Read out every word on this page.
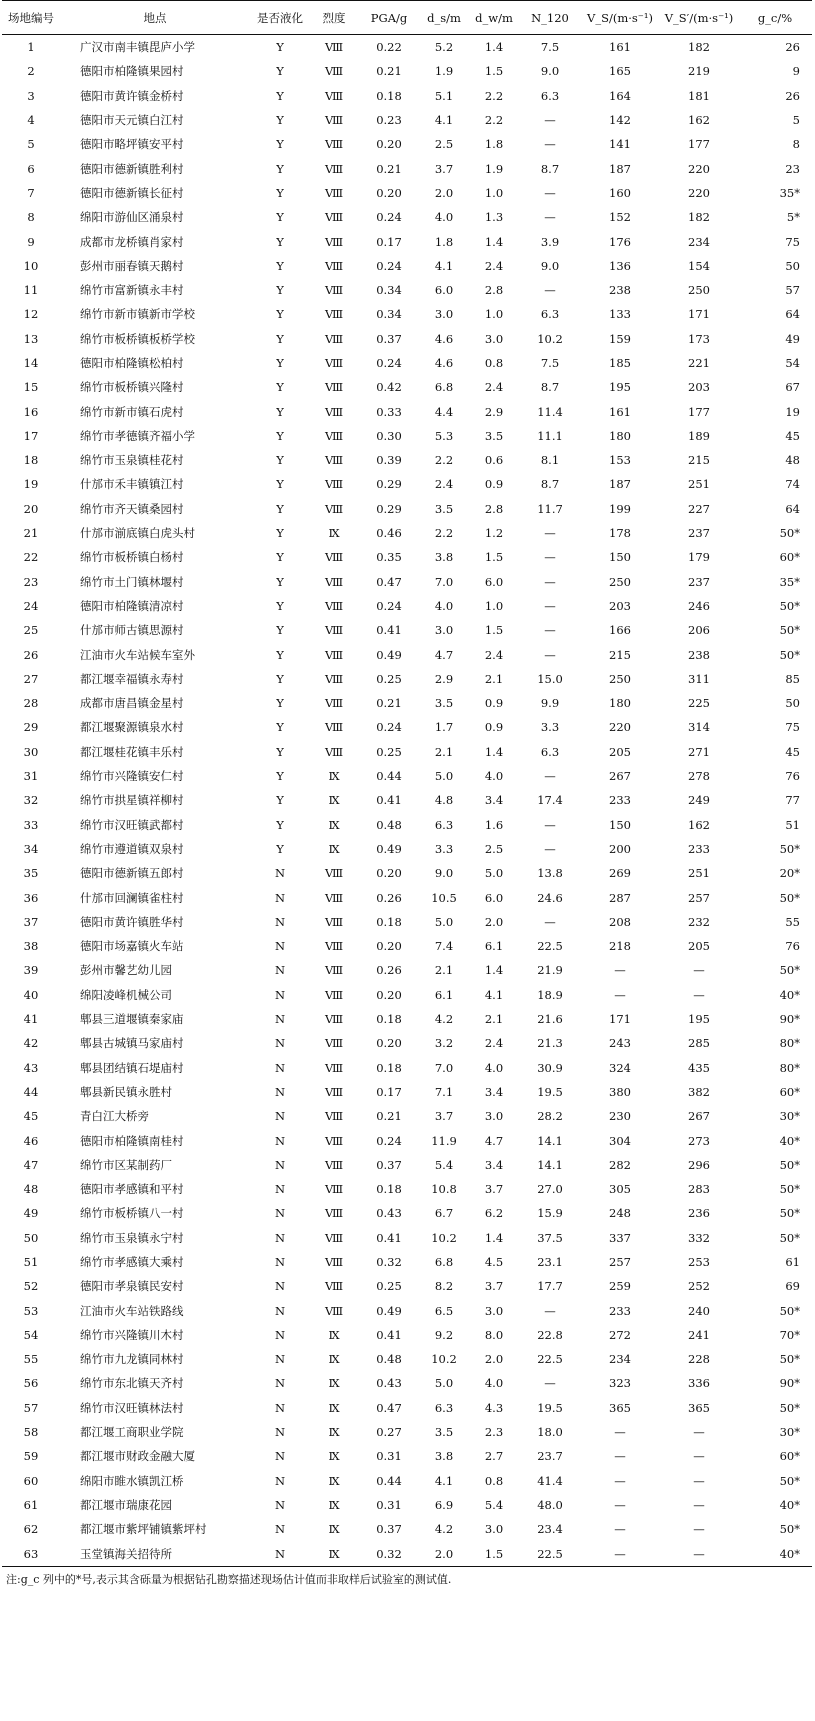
场地编号	地点	是否液化	烈度	PGA/g	d_s/m	d_w/m	N_120	V_S/(m·s⁻¹)	V_S′/(m·s⁻¹)	g_c/%
1	广汉市南丰镇毘庐小学	Y	Ⅷ	0.22	5.2	1.4	7.5	161	182	26
2	德阳市柏隆镇果园村	Y	Ⅷ	0.21	1.9	1.5	9.0	165	219	9
3	德阳市黄许镇金桥村	Y	Ⅷ	0.18	5.1	2.2	6.3	164	181	26
4	德阳市天元镇白江村	Y	Ⅷ	0.23	4.1	2.2	—	142	162	5
5	德阳市略坪镇安平村	Y	Ⅷ	0.20	2.5	1.8	—	141	177	8
6	德阳市德新镇胜利村	Y	Ⅷ	0.21	3.7	1.9	8.7	187	220	23
7	德阳市德新镇长征村	Y	Ⅷ	0.20	2.0	1.0	—	160	220	35*
8	绵阳市游仙区涌泉村	Y	Ⅷ	0.24	4.0	1.3	—	152	182	5*
9	成都市龙桥镇肖家村	Y	Ⅷ	0.17	1.8	1.4	3.9	176	234	75
10	彭州市丽春镇天鹅村	Y	Ⅷ	0.24	4.1	2.4	9.0	136	154	50
11	绵竹市富新镇永丰村	Y	Ⅷ	0.34	6.0	2.8	—	238	250	57
12	绵竹市新市镇新市学校	Y	Ⅷ	0.34	3.0	1.0	6.3	133	171	64
13	绵竹市板桥镇板桥学校	Y	Ⅷ	0.37	4.6	3.0	10.2	159	173	49
14	德阳市柏隆镇松柏村	Y	Ⅷ	0.24	4.6	0.8	7.5	185	221	54
15	绵竹市板桥镇兴隆村	Y	Ⅷ	0.42	6.8	2.4	8.7	195	203	67
16	绵竹市新市镇石虎村	Y	Ⅷ	0.33	4.4	2.9	11.4	161	177	19
17	绵竹市孝德镇齐福小学	Y	Ⅷ	0.30	5.3	3.5	11.1	180	189	45
18	绵竹市玉泉镇桂花村	Y	Ⅷ	0.39	2.2	0.6	8.1	153	215	48
19	什邡市禾丰镇镇江村	Y	Ⅷ	0.29	2.4	0.9	8.7	187	251	74
20	绵竹市齐天镇桑园村	Y	Ⅷ	0.29	3.5	2.8	11.7	199	227	64
21	什邡市湔底镇白虎头村	Y	Ⅸ	0.46	2.2	1.2	—	178	237	50*
22	绵竹市板桥镇白杨村	Y	Ⅷ	0.35	3.8	1.5	—	150	179	60*
23	绵竹市土门镇林堰村	Y	Ⅷ	0.47	7.0	6.0	—	250	237	35*
24	德阳市柏隆镇清凉村	Y	Ⅷ	0.24	4.0	1.0	—	203	246	50*
25	什邡市师古镇思源村	Y	Ⅷ	0.41	3.0	1.5	—	166	206	50*
26	江油市火车站候车室外	Y	Ⅷ	0.49	4.7	2.4	—	215	238	50*
27	都江堰幸福镇永寿村	Y	Ⅷ	0.25	2.9	2.1	15.0	250	311	85
28	成都市唐昌镇金星村	Y	Ⅷ	0.21	3.5	0.9	9.9	180	225	50
29	都江堰聚源镇泉水村	Y	Ⅷ	0.24	1.7	0.9	3.3	220	314	75
30	都江堰桂花镇丰乐村	Y	Ⅷ	0.25	2.1	1.4	6.3	205	271	45
31	绵竹市兴隆镇安仁村	Y	Ⅸ	0.44	5.0	4.0	—	267	278	76
32	绵竹市拱星镇祥柳村	Y	Ⅸ	0.41	4.8	3.4	17.4	233	249	77
33	绵竹市汉旺镇武都村	Y	Ⅸ	0.48	6.3	1.6	—	150	162	51
34	绵竹市遵道镇双泉村	Y	Ⅸ	0.49	3.3	2.5	—	200	233	50*
35	德阳市德新镇五郎村	N	Ⅷ	0.20	9.0	5.0	13.8	269	251	20*
36	什邡市回澜镇雀柱村	N	Ⅷ	0.26	10.5	6.0	24.6	287	257	50*
37	德阳市黄许镇胜华村	N	Ⅷ	0.18	5.0	2.0	—	208	232	55
38	德阳市场嘉镇火车站	N	Ⅷ	0.20	7.4	6.1	22.5	218	205	76
39	彭州市馨艺幼儿园	N	Ⅷ	0.26	2.1	1.4	21.9	—	—	50*
40	绵阳凌峰机械公司	N	Ⅷ	0.20	6.1	4.1	18.9	—	—	40*
41	郫县三道堰镇秦家庙	N	Ⅷ	0.18	4.2	2.1	21.6	171	195	90*
42	郫县古城镇马家庙村	N	Ⅷ	0.20	3.2	2.4	21.3	243	285	80*
43	郫县团结镇石堤庙村	N	Ⅷ	0.18	7.0	4.0	30.9	324	435	80*
44	郫县新民镇永胜村	N	Ⅷ	0.17	7.1	3.4	19.5	380	382	60*
45	青白江大桥旁	N	Ⅷ	0.21	3.7	3.0	28.2	230	267	30*
46	德阳市柏隆镇南桂村	N	Ⅷ	0.24	11.9	4.7	14.1	304	273	40*
47	绵竹市区某制药厂	N	Ⅷ	0.37	5.4	3.4	14.1	282	296	50*
48	德阳市孝感镇和平村	N	Ⅷ	0.18	10.8	3.7	27.0	305	283	50*
49	绵竹市板桥镇八一村	N	Ⅷ	0.43	6.7	6.2	15.9	248	236	50*
50	绵竹市玉泉镇永宁村	N	Ⅷ	0.41	10.2	1.4	37.5	337	332	50*
51	绵竹市孝感镇大乘村	N	Ⅷ	0.32	6.8	4.5	23.1	257	253	61
52	德阳市孝泉镇民安村	N	Ⅷ	0.25	8.2	3.7	17.7	259	252	69
53	江油市火车站铁路线	N	Ⅷ	0.49	6.5	3.0	—	233	240	50*
54	绵竹市兴隆镇川木村	N	Ⅸ	0.41	9.2	8.0	22.8	272	241	70*
55	绵竹市九龙镇同林村	N	Ⅸ	0.48	10.2	2.0	22.5	234	228	50*
56	绵竹市东北镇天齐村	N	Ⅸ	0.43	5.0	4.0	—	323	336	90*
57	绵竹市汉旺镇林法村	N	Ⅸ	0.47	6.3	4.3	19.5	365	365	50*
58	都江堰工商职业学院	N	Ⅸ	0.27	3.5	2.3	18.0	—	—	30*
59	都江堰市财政金融大厦	N	Ⅸ	0.31	3.8	2.7	23.7	—	—	60*
60	绵阳市睢水镇凯江桥	N	Ⅸ	0.44	4.1	0.8	41.4	—	—	50*
61	都江堰市瑞康花园	N	Ⅸ	0.31	6.9	5.4	48.0	—	—	40*
62	都江堰市紫坪铺镇紫坪村	N	Ⅸ	0.37	4.2	3.0	23.4	—	—	50*
63	玉堂镇海关招待所	N	Ⅸ	0.32	2.0	1.5	22.5	—	—	40*
注:g_c 列中的*号,表示其含砾量为根据钻孔勘察描述现场估计值而非取样后试验室的测试值.
